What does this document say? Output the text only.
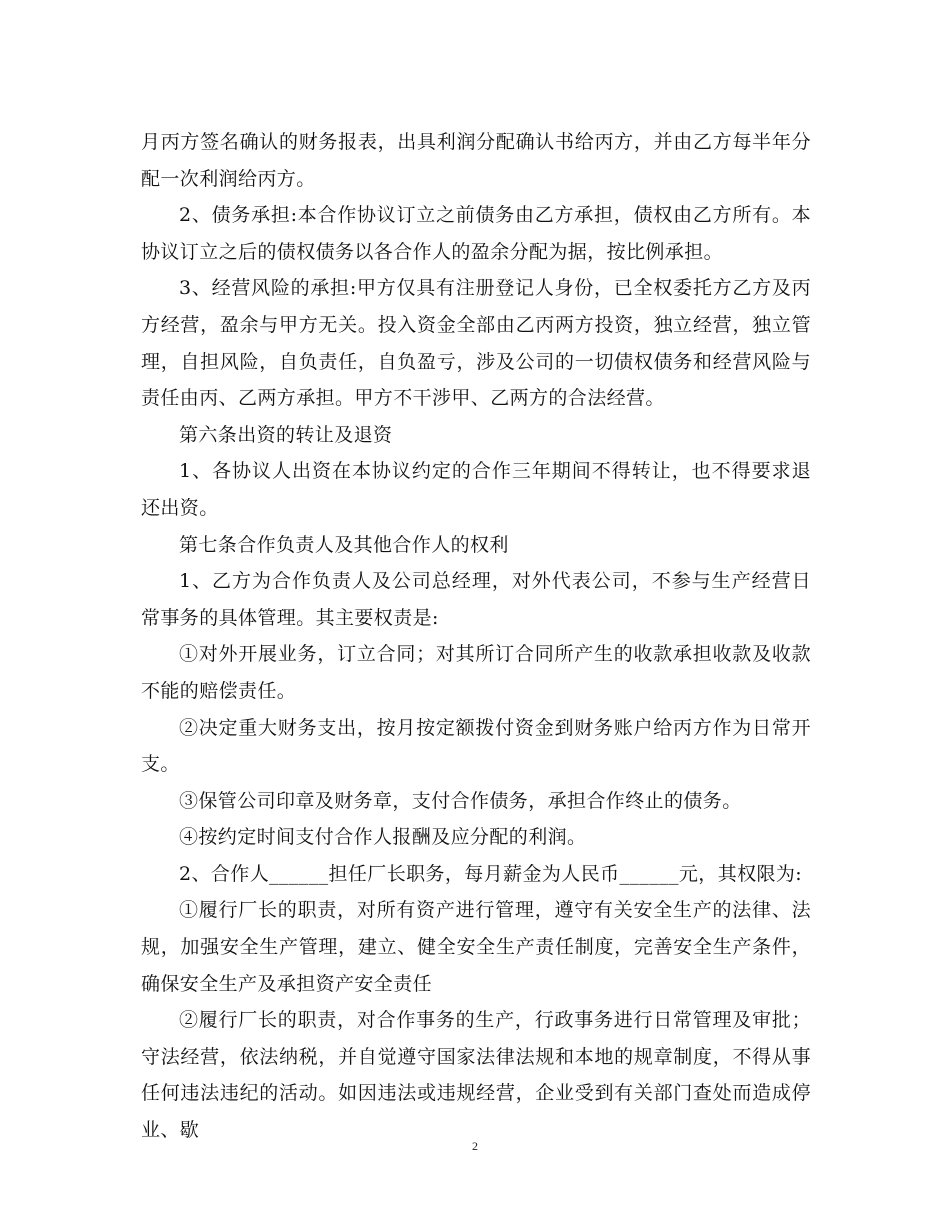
月丙方签名确认的财务报表，出具利润分配确认书给丙方，并由乙方每半年分配一次利润给丙方。

2、债务承担:本合作协议订立之前债务由乙方承担，债权由乙方所有。本协议订立之后的债权债务以各合作人的盈余分配为据，按比例承担。

3、经营风险的承担:甲方仅具有注册登记人身份，已全权委托方乙方及丙方经营，盈余与甲方无关。投入资金全部由乙丙两方投资，独立经营，独立管理，自担风险，自负责任，自负盈亏，涉及公司的一切债权债务和经营风险与责任由丙、乙两方承担。甲方不干涉甲、乙两方的合法经营。

第六条出资的转让及退资

1、各协议人出资在本协议约定的合作三年期间不得转让，也不得要求退还出资。

第七条合作负责人及其他合作人的权利

1、乙方为合作负责人及公司总经理，对外代表公司，不参与生产经营日常事务的具体管理。其主要权责是:

①对外开展业务，订立合同；对其所订合同所产生的收款承担收款及收款不能的赔偿责任。

②决定重大财务支出，按月按定额拨付资金到财务账户给丙方作为日常开支。

③保管公司印章及财务章，支付合作债务，承担合作终止的债务。

④按约定时间支付合作人报酬及应分配的利润。

2、合作人______担任厂长职务，每月薪金为人民币______元，其权限为:

①履行厂长的职责，对所有资产进行管理，遵守有关安全生产的法律、法规，加强安全生产管理，建立、健全安全生产责任制度，完善安全生产条件，确保安全生产及承担资产安全责任

②履行厂长的职责，对合作事务的生产，行政事务进行日常管理及审批；守法经营，依法纳税，并自觉遵守国家法律法规和本地的规章制度，不得从事任何违法违纪的活动。如因违法或违规经营，企业受到有关部门查处而造成停业、歇

2
